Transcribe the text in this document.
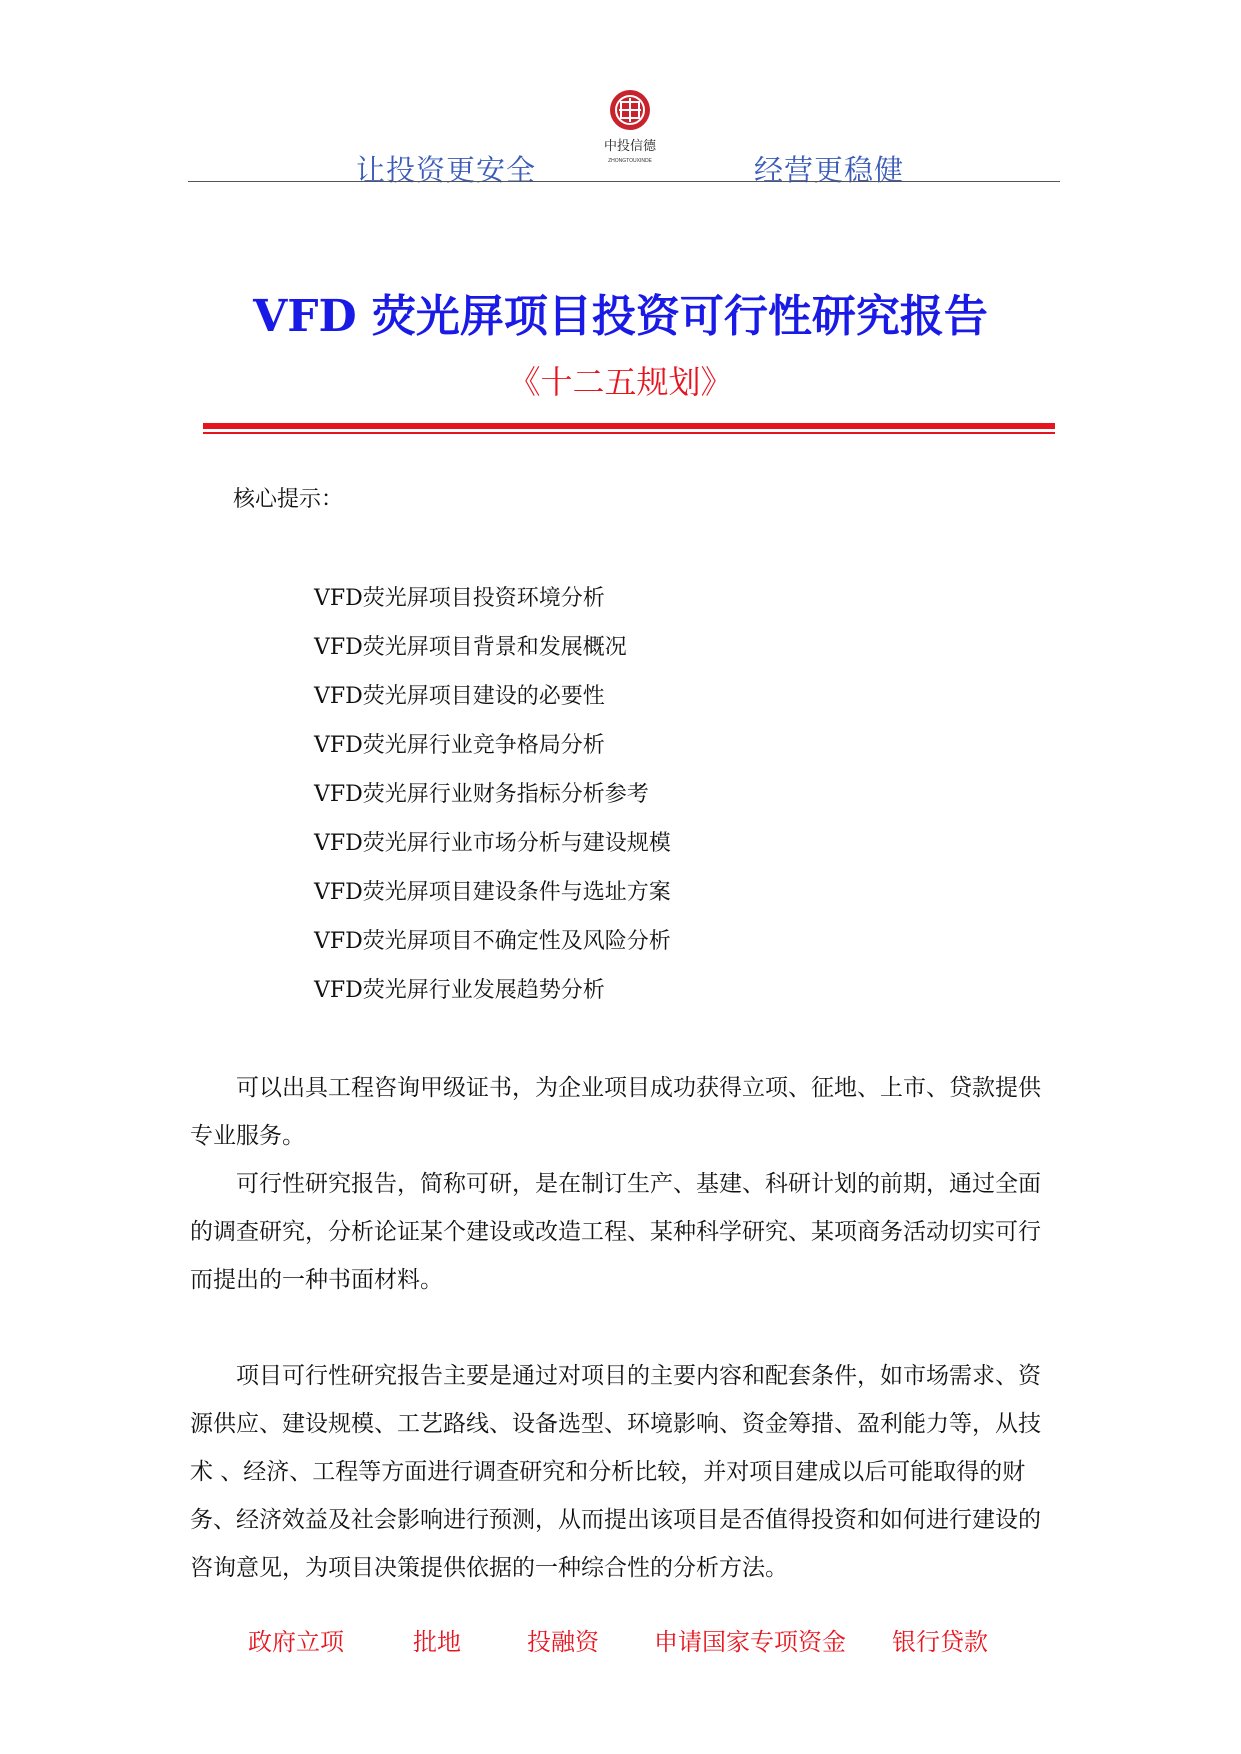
让投资更安全
中投信德
ZHONGTOUXINDE	经营更稳健
VFD 荧光屏项目投资可行性研究报告
《十二五规划》
核心提示：
VFD荧光屏项目投资环境分析
VFD荧光屏项目背景和发展概况
VFD荧光屏项目建设的必要性
VFD荧光屏行业竞争格局分析
VFD荧光屏行业财务指标分析参考
VFD荧光屏行业市场分析与建设规模
VFD荧光屏项目建设条件与选址方案
VFD荧光屏项目不确定性及风险分析
VFD荧光屏行业发展趋势分析

可以出具工程咨询甲级证书，为企业项目成功获得立项、征地、上市、贷款提供专业服务。

可行性研究报告，简称可研，是在制订生产、基建、科研计划的前期，通过全面的调查研究，分析论证某个建设或改造工程、某种科学研究、某项商务活动切实可行而提出的一种书面材料。

项目可行性研究报告主要是通过对项目的主要内容和配套条件，如市场需求、资源供应、建设规模、工艺路线、设备选型、环境影响、资金筹措、盈利能力等，从技术 、经济、工程等方面进行调查研究和分析比较，并对项目建成以后可能取得的财务、经济效益及社会影响进行预测，从而提出该项目是否值得投资和如何进行建设的咨询意见，为项目决策提供依据的一种综合性的分析方法。

政府立项	批地	投融资 申请国家专项资金 银行贷款
